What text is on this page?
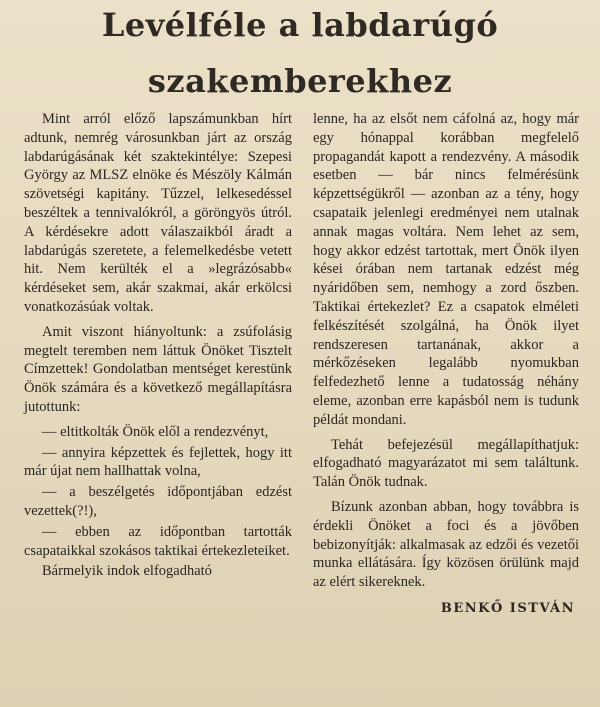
Levélféle a labdarúgó
szakemberekhez

Mint arról előző lapszámunkban hírt adtunk, nemrég városunkban járt az ország labdarúgásának két szaktekintélye: Szepesi György az MLSZ elnöke és Mészöly Kálmán szövetségi kapitány. Tűzzel, lelkesedéssel beszéltek a tennivalókról, a göröngyös útról. A kérdésekre adott válaszaikból áradt a labdarúgás szeretete, a felemelkedésbe vetett hit. Nem kerülték el a »legrázósabb« kérdéseket sem, akár szakmai, akár erkölcsi vonatkozásúak voltak.

Amit viszont hiányoltunk: a zsúfolásig megtelt teremben nem láttuk Önöket Tisztelt Címzettek! Gondolatban mentséget kerestünk Önök számára és a következő megállapításra jutottunk:

— eltitkolták Önök elől a rendezvényt,

— annyira képzettek és fejlettek, hogy itt már újat nem hallhattak volna,

— a beszélgetés időpontjában edzést vezettek(?!),

— ebben az időpontban tartották csapataikkal szokásos taktikai értekezleteiket.

Bármelyik indok elfogadható

lenne, ha az elsőt nem cáfolná az, hogy már egy hónappal korábban megfelelő propagandát kapott a rendezvény. A második esetben — bár nincs felmérésünk képzettségükről — azonban az a tény, hogy csapataik jelenlegi eredményei nem utalnak annak magas voltára. Nem lehet az sem, hogy akkor edzést tartottak, mert Önök ilyen kései órában nem tartanak edzést még nyáridőben sem, nemhogy a zord őszben. Taktikai értekezlet? Ez a csapatok elméleti felkészítését szolgálná, ha Önök ilyet rendszeresen tartanának, akkor a mérkőzéseken legalább nyomukban felfedezhető lenne a tudatosság néhány eleme, azonban erre kapásból nem is tudunk példát mondani.

Tehát befejezésül megállapíthatjuk: elfogadható magyarázatot mi sem találtunk. Talán Önök tudnak.

Bízunk azonban abban, hogy továbbra is érdekli Önöket a foci és a jövőben bebizonyítják: alkalmasak az edzői és vezetői munka ellátására. Így közösen örülünk majd az elért sikereknek.

BENKŐ ISTVÁN
